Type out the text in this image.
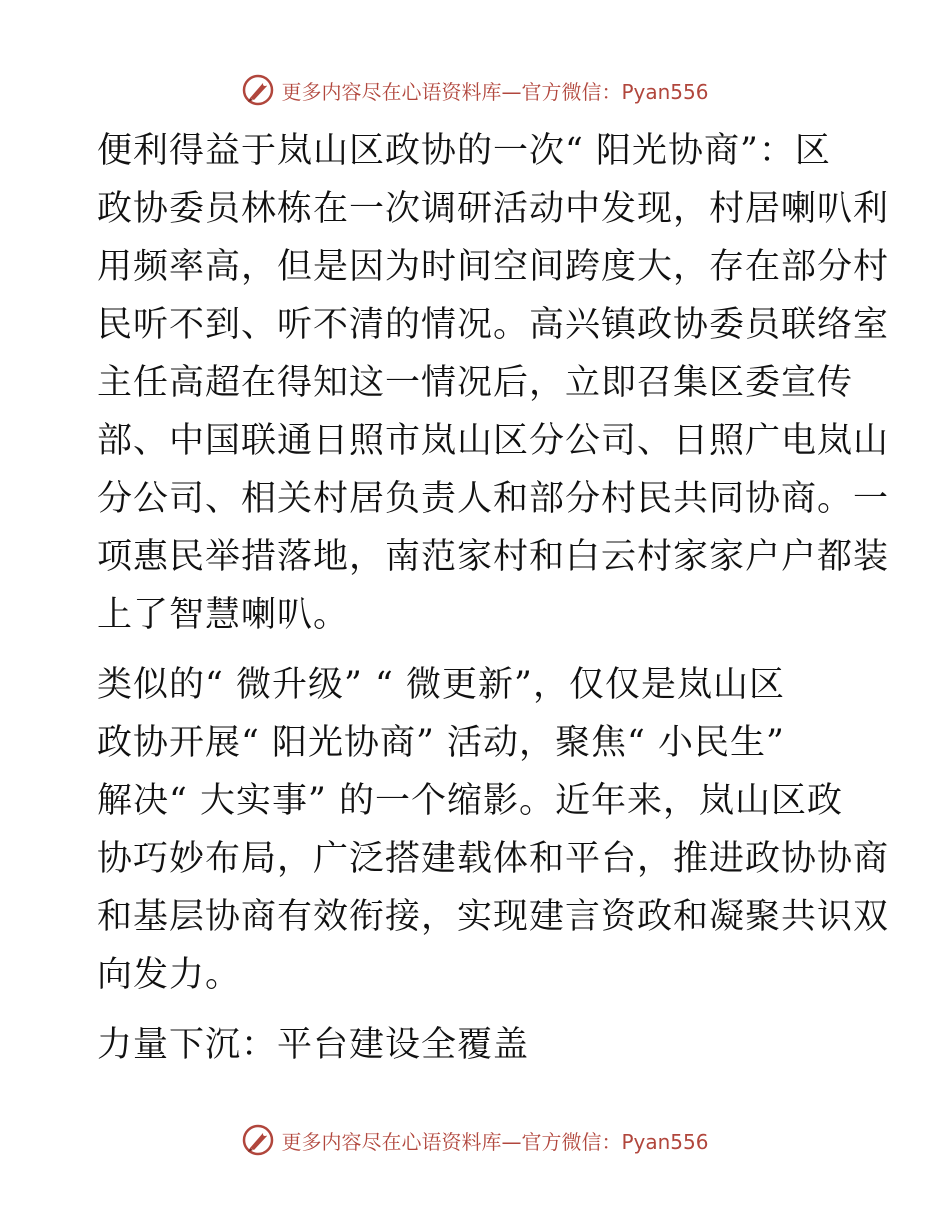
更多内容尽在心语资料库—官方微信：Pyan556

便利得益于岚山区政协的一次“ 阳光协商”：区
政协委员林栋在一次调研活动中发现，村居喇叭利
用频率高，但是因为时间空间跨度大，存在部分村
民听不到、听不清的情况。高兴镇政协委员联络室
主任高超在得知这一情况后，立即召集区委宣传
部、中国联通日照市岚山区分公司、日照广电岚山
分公司、相关村居负责人和部分村民共同协商。一
项惠民举措落地，南范家村和白云村家家户户都装
上了智慧喇叭。

类似的“ 微升级” “ 微更新”，仅仅是岚山区
政协开展“ 阳光协商” 活动，聚焦“ 小民生”
解决“ 大实事” 的一个缩影。近年来，岚山区政
协巧妙布局，广泛搭建载体和平台，推进政协协商
和基层协商有效衔接，实现建言资政和凝聚共识双
向发力。

力量下沉：平台建设全覆盖

更多内容尽在心语资料库—官方微信：Pyan556
